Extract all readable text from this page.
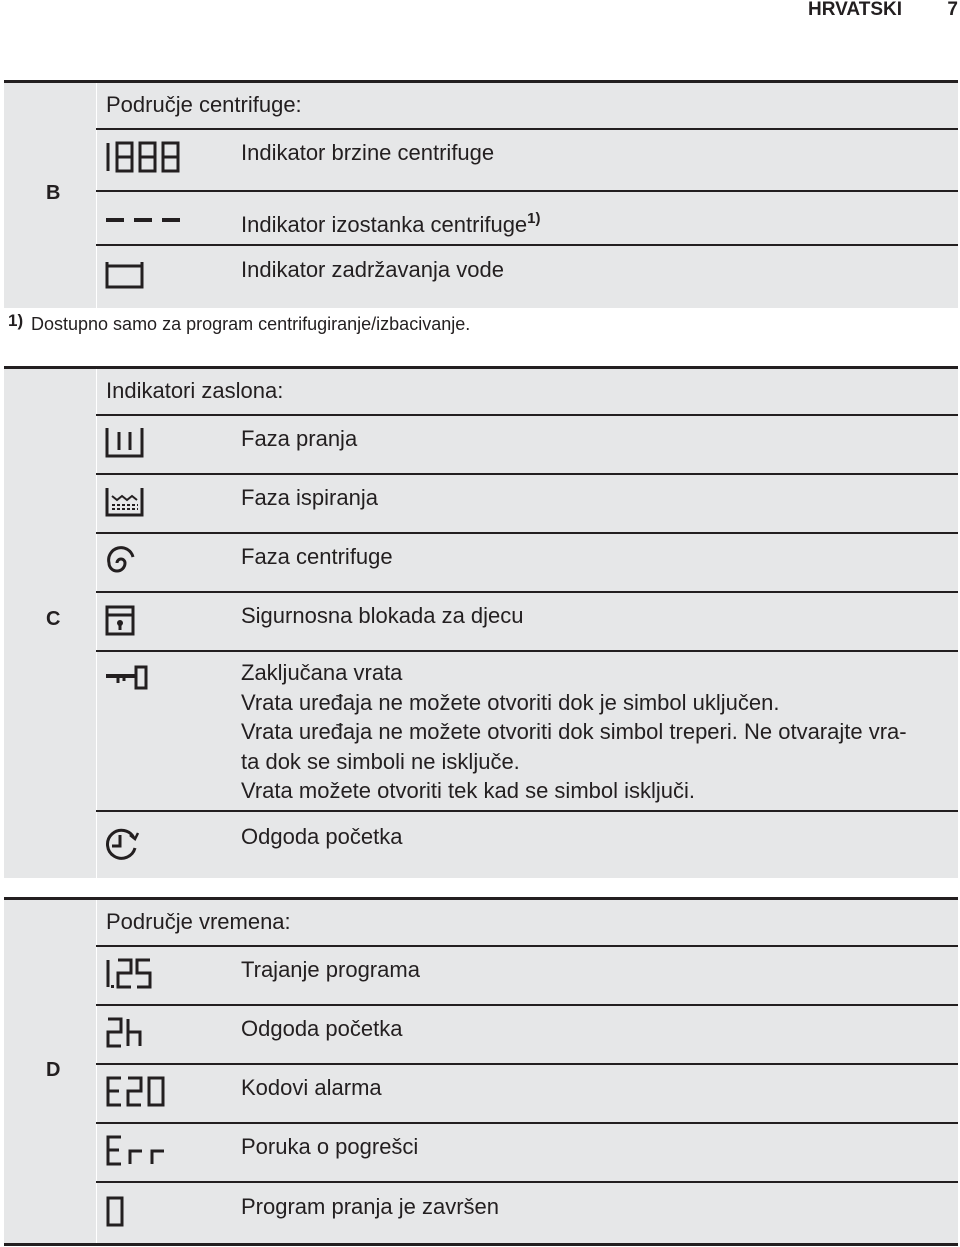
HRVATSKI 7
B
Područje centrifuge:
Indikator brzine centrifuge
Indikator izostanka centrifuge$^{1)}$
Indikator zadržavanja vode
1) Dostupno samo za program centrifugiranje/izbacivanje.
C
Indikatori zaslona:
Faza pranja
Faza ispiranja
Faza centrifuge
Sigurnosna blokada za djecu
Zaključana vrata
Vrata uređaja ne možete otvoriti dok je simbol uključen.
Vrata uređaja ne možete otvoriti dok simbol treperi. Ne otvarajte vra-
ta dok se simboli ne isključe.
Vrata možete otvoriti tek kad se simbol isključi.
Odgoda početka
D
Područje vremena:
Trajanje programa
Odgoda početka
Kodovi alarma
Poruka o pogrešci
Program pranja je završen
